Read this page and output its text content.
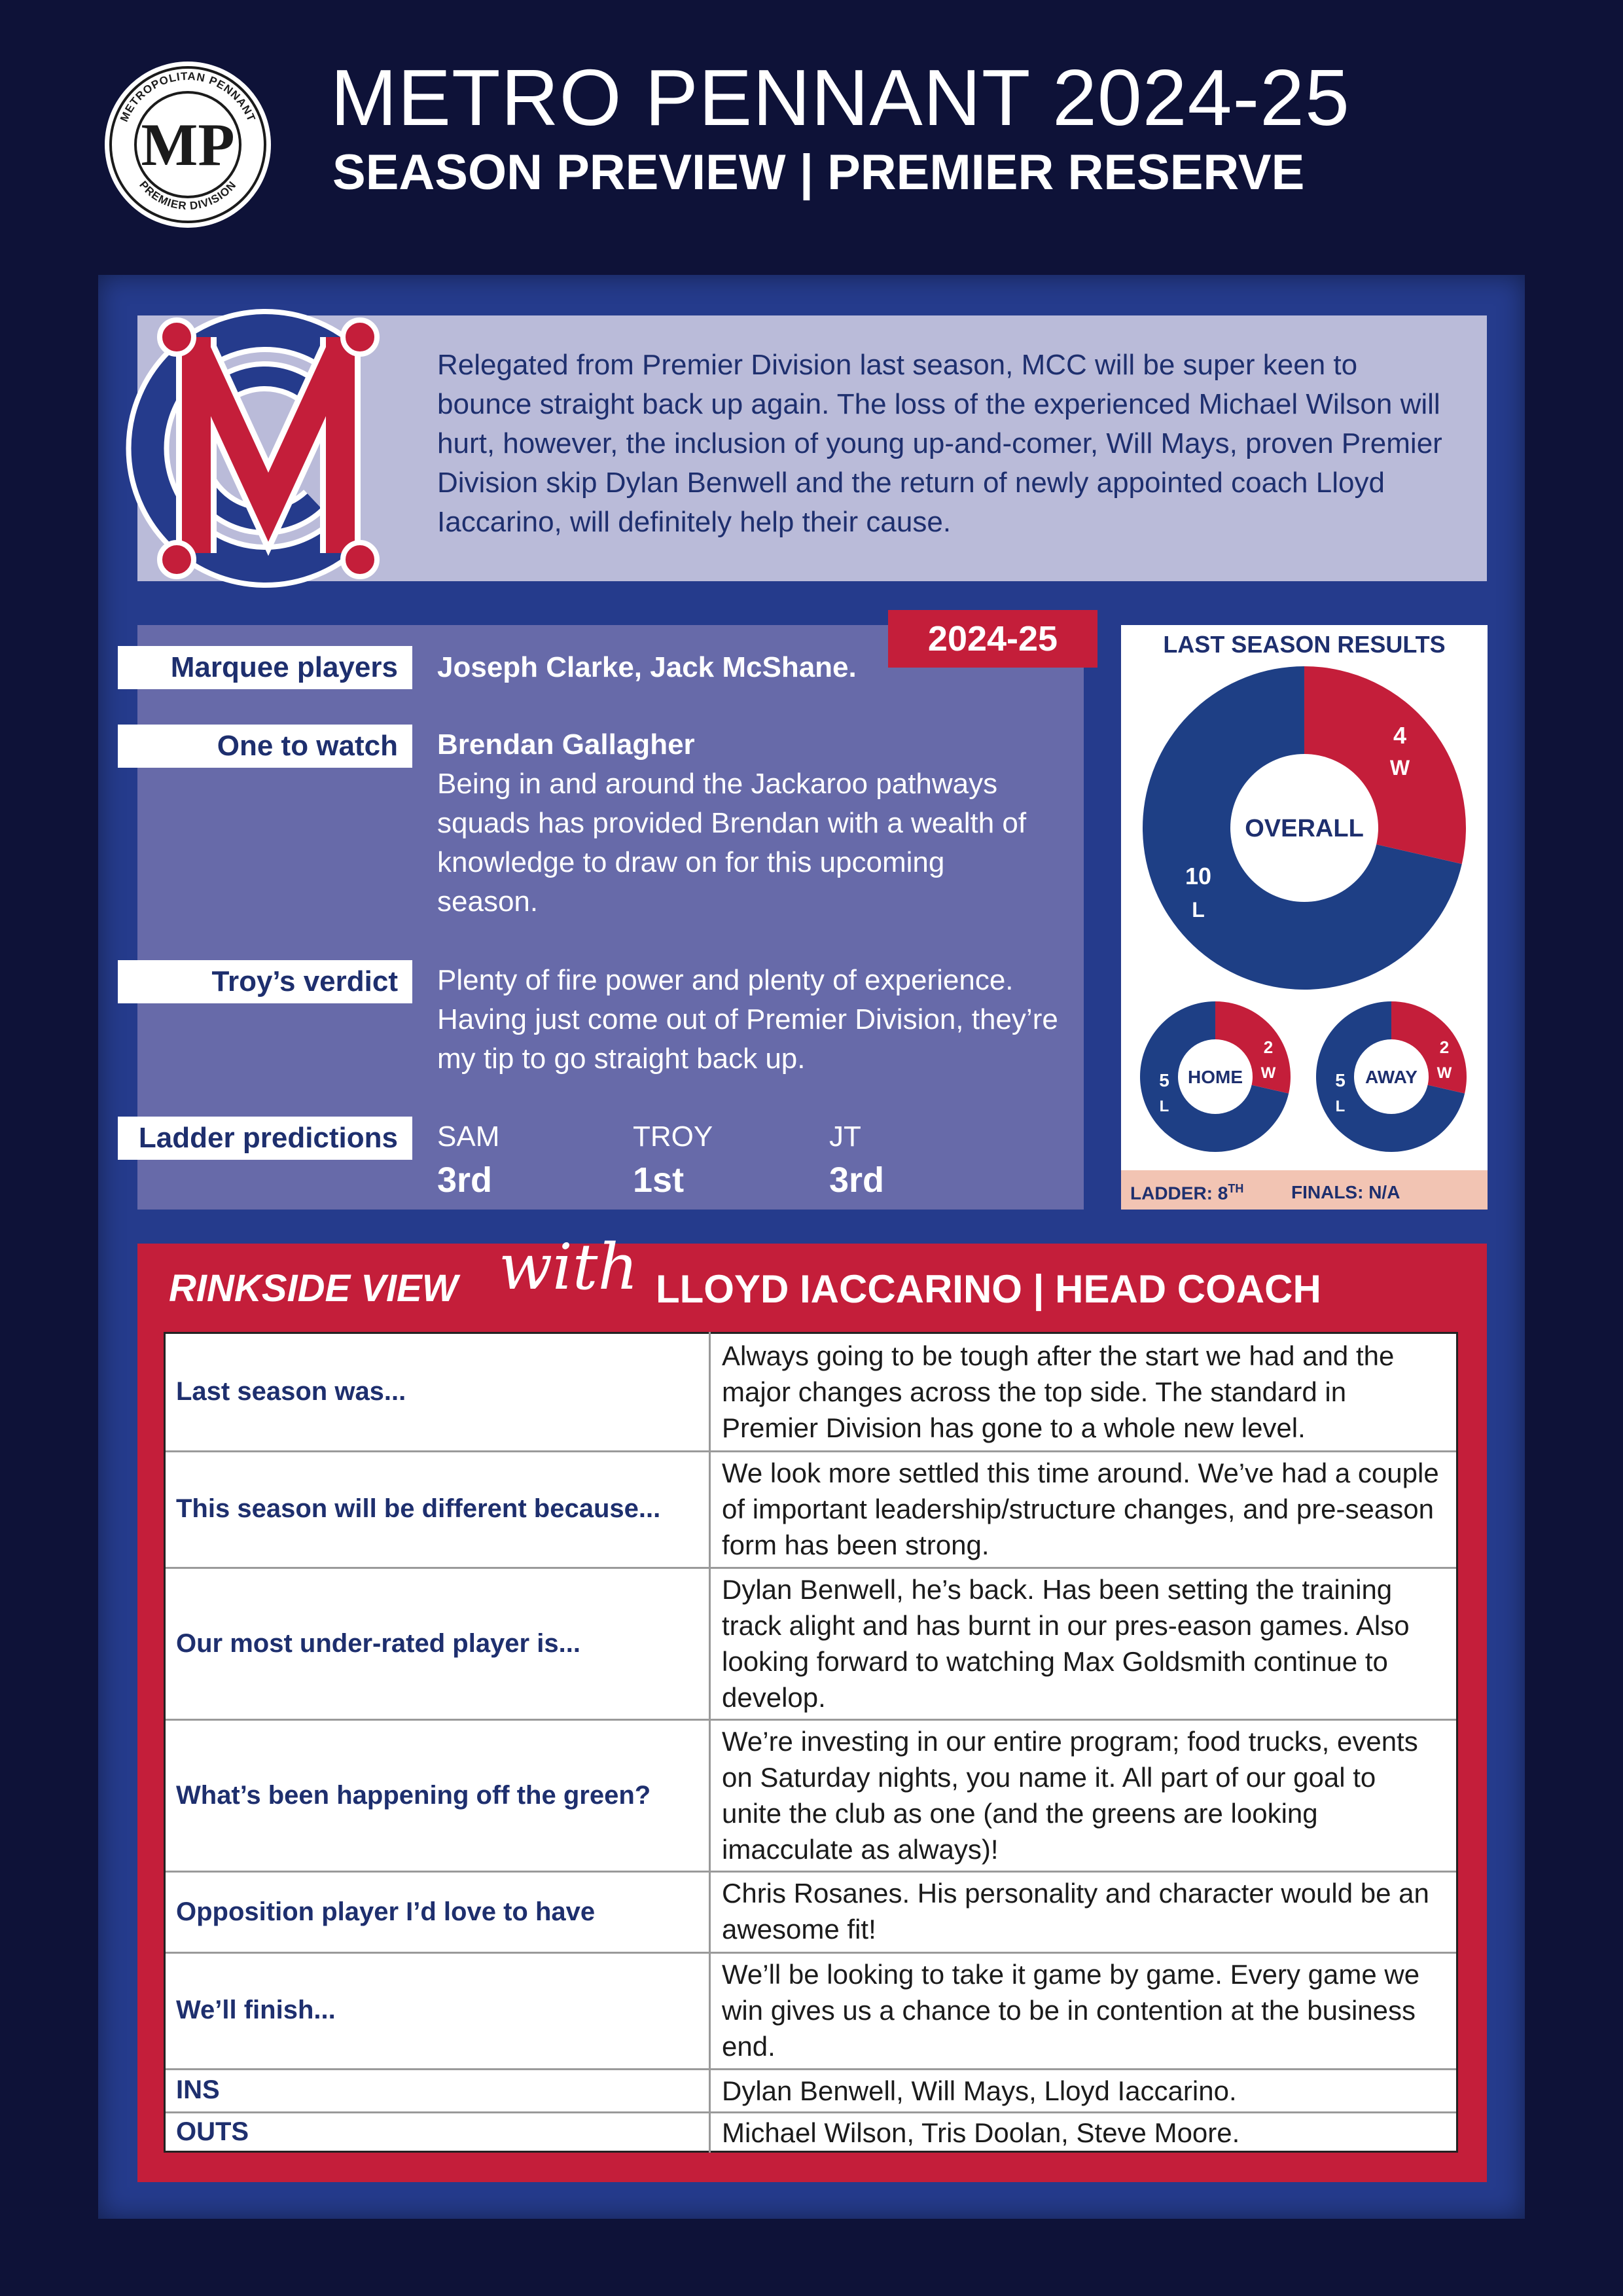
METROPOLITAN PENNANT
PREMIER DIVISION
MP
METRO PENNANT 2024-25
SEASON PREVIEW | PREMIER RESERVE
Relegated from Premier Division last season, MCC will be super keen to bounce straight back up again. The loss of the experienced Michael Wilson will hurt, however, the inclusion of young up-and-comer, Will Mays, proven Premier Division skip Dylan Benwell and the return of newly appointed coach Lloyd Iaccarino, will definitely help their cause.
2024-25
Marquee players	Joseph Clarke, Jack McShane.
One to watch	Brendan Gallagher
Being in and around the Jackaroo pathways squads has provided Brendan with a wealth of knowledge to draw on for this upcoming season.
Troy’s verdict	Plenty of fire power and plenty of experience. Having just come out of Premier Division, they’re my tip to go straight back up.
Ladder predictions	SAM	TROY	JT
3rd	1st	3rd
LAST SEASON RESULTS
OVERALL
4
W
10
L
HOME
2
W
5
L
AWAY
2
W
5
L
LADDER: 8TH	FINALS: N/A
RINKSIDE VIEW with LLOYD IACCARINO | HEAD COACH
Last season was...
Always going to be tough after the start we had and the major changes across the top side. The standard in Premier Division has gone to a whole new level.
This season will be different because...
We look more settled this time around. We’ve had a couple of important leadership/structure changes, and pre-season form has been strong.
Our most under-rated player is...
Dylan Benwell, he’s back. Has been setting the training track alight and has burnt in our pres-eason games. Also looking forward to watching Max Goldsmith continue to develop.
What’s been happening off the green?
We’re investing in our entire program; food trucks, events on Saturday nights, you name it. All part of our goal to unite the club as one (and the greens are looking imacculate as always)!
Opposition player I’d love to have
Chris Rosanes. His personality and character would be an awesome fit!
We’ll finish...
We’ll be looking to take it game by game. Every game we win gives us a chance to be in contention at the business end.
INS	Dylan Benwell, Will Mays, Lloyd Iaccarino.
OUTS	Michael Wilson, Tris Doolan, Steve Moore.
